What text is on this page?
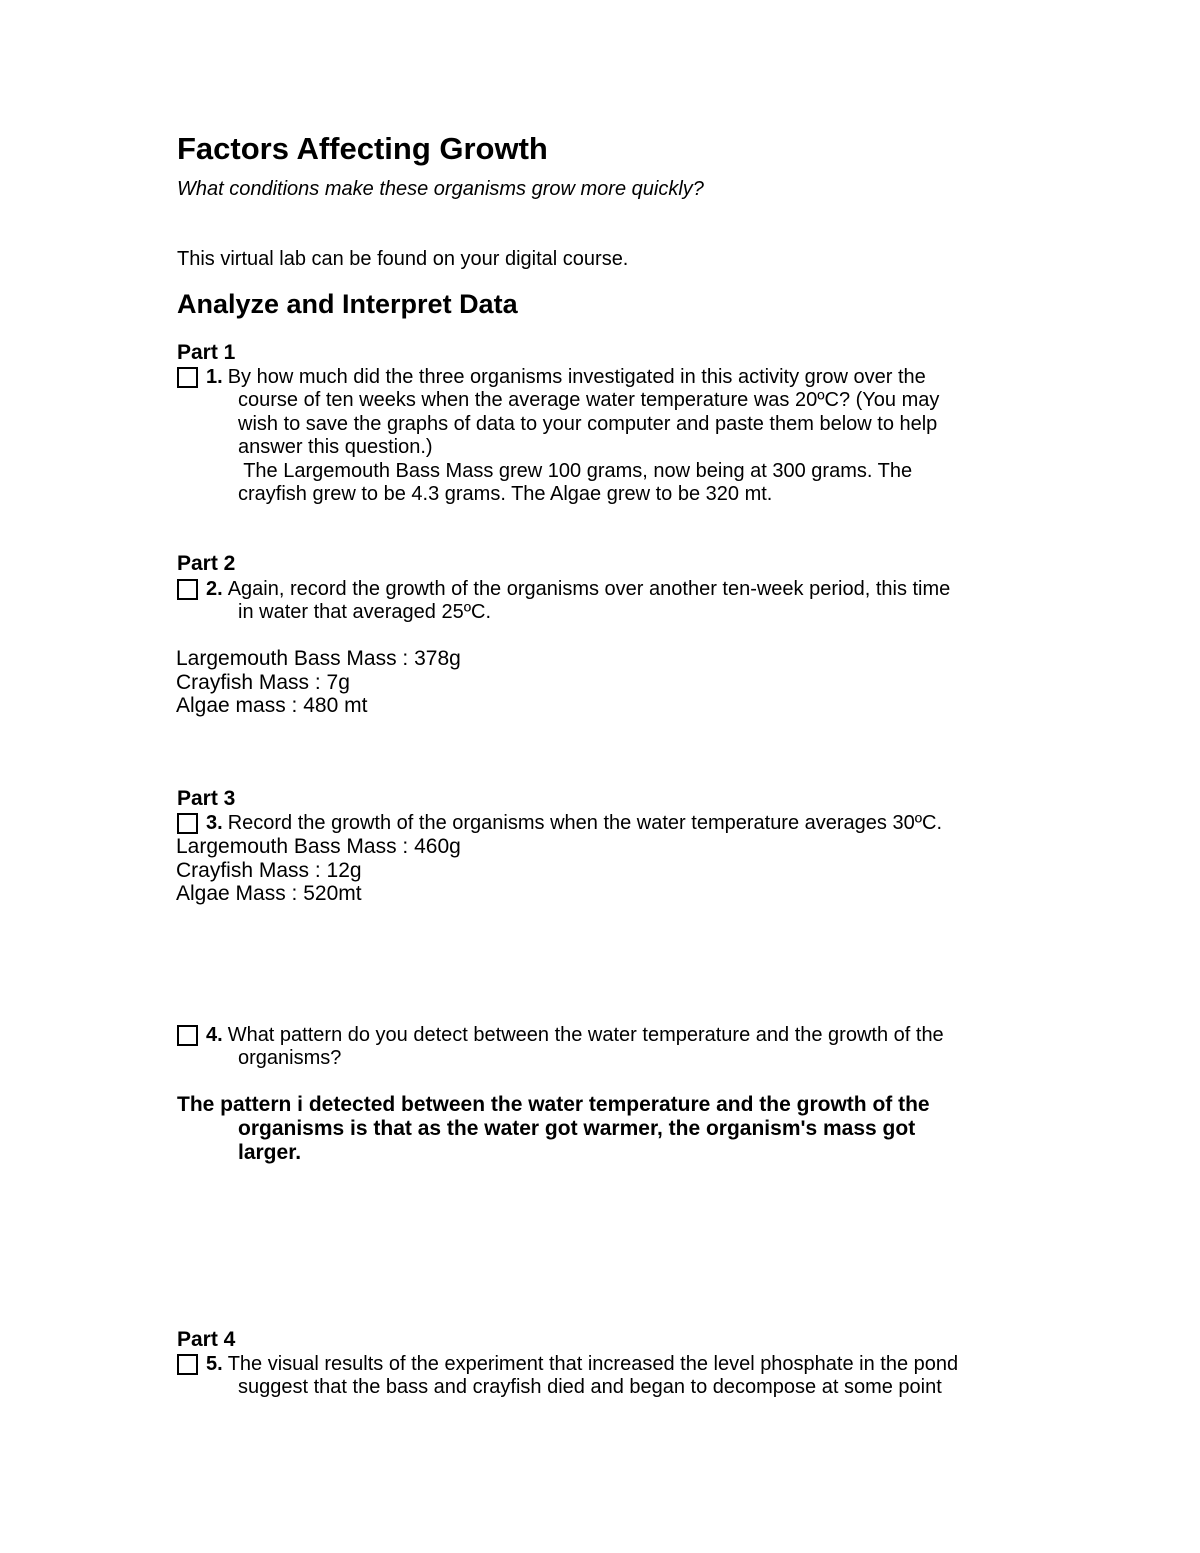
Factors Affecting Growth
What conditions make these organisms grow more quickly?
This virtual lab can be found on your digital course.
Analyze and Interpret Data
Part 1
1. By how much did the three organisms investigated in this activity grow over the

course of ten weeks when the average water temperature was 20ºC? (You may

wish to save the graphs of data to your computer and paste them below to help

answer this question.)

The Largemouth Bass Mass grew 100 grams, now being at 300 grams. The

crayfish grew to be 4.3 grams. The Algae grew to be 320 mt.

Part 2
2. Again, record the growth of the organisms over another ten-week period, this time

in water that averaged 25ºC.

Largemouth Bass Mass : 378g
Crayfish Mass : 7g
Algae mass : 480 mt
Part 3
3. Record the growth of the organisms when the water temperature averages 30ºC.
Largemouth Bass Mass : 460g
Crayfish Mass : 12g
Algae Mass : 520mt
4. What pattern do you detect between the water temperature and the growth of the

organisms?

The pattern i detected between the water temperature and the growth of the
organisms is that as the water got warmer, the organism's mass got
larger.
Part 4
5. The visual results of the experiment that increased the level phosphate in the pond

suggest that the bass and crayfish died and began to decompose at some point
